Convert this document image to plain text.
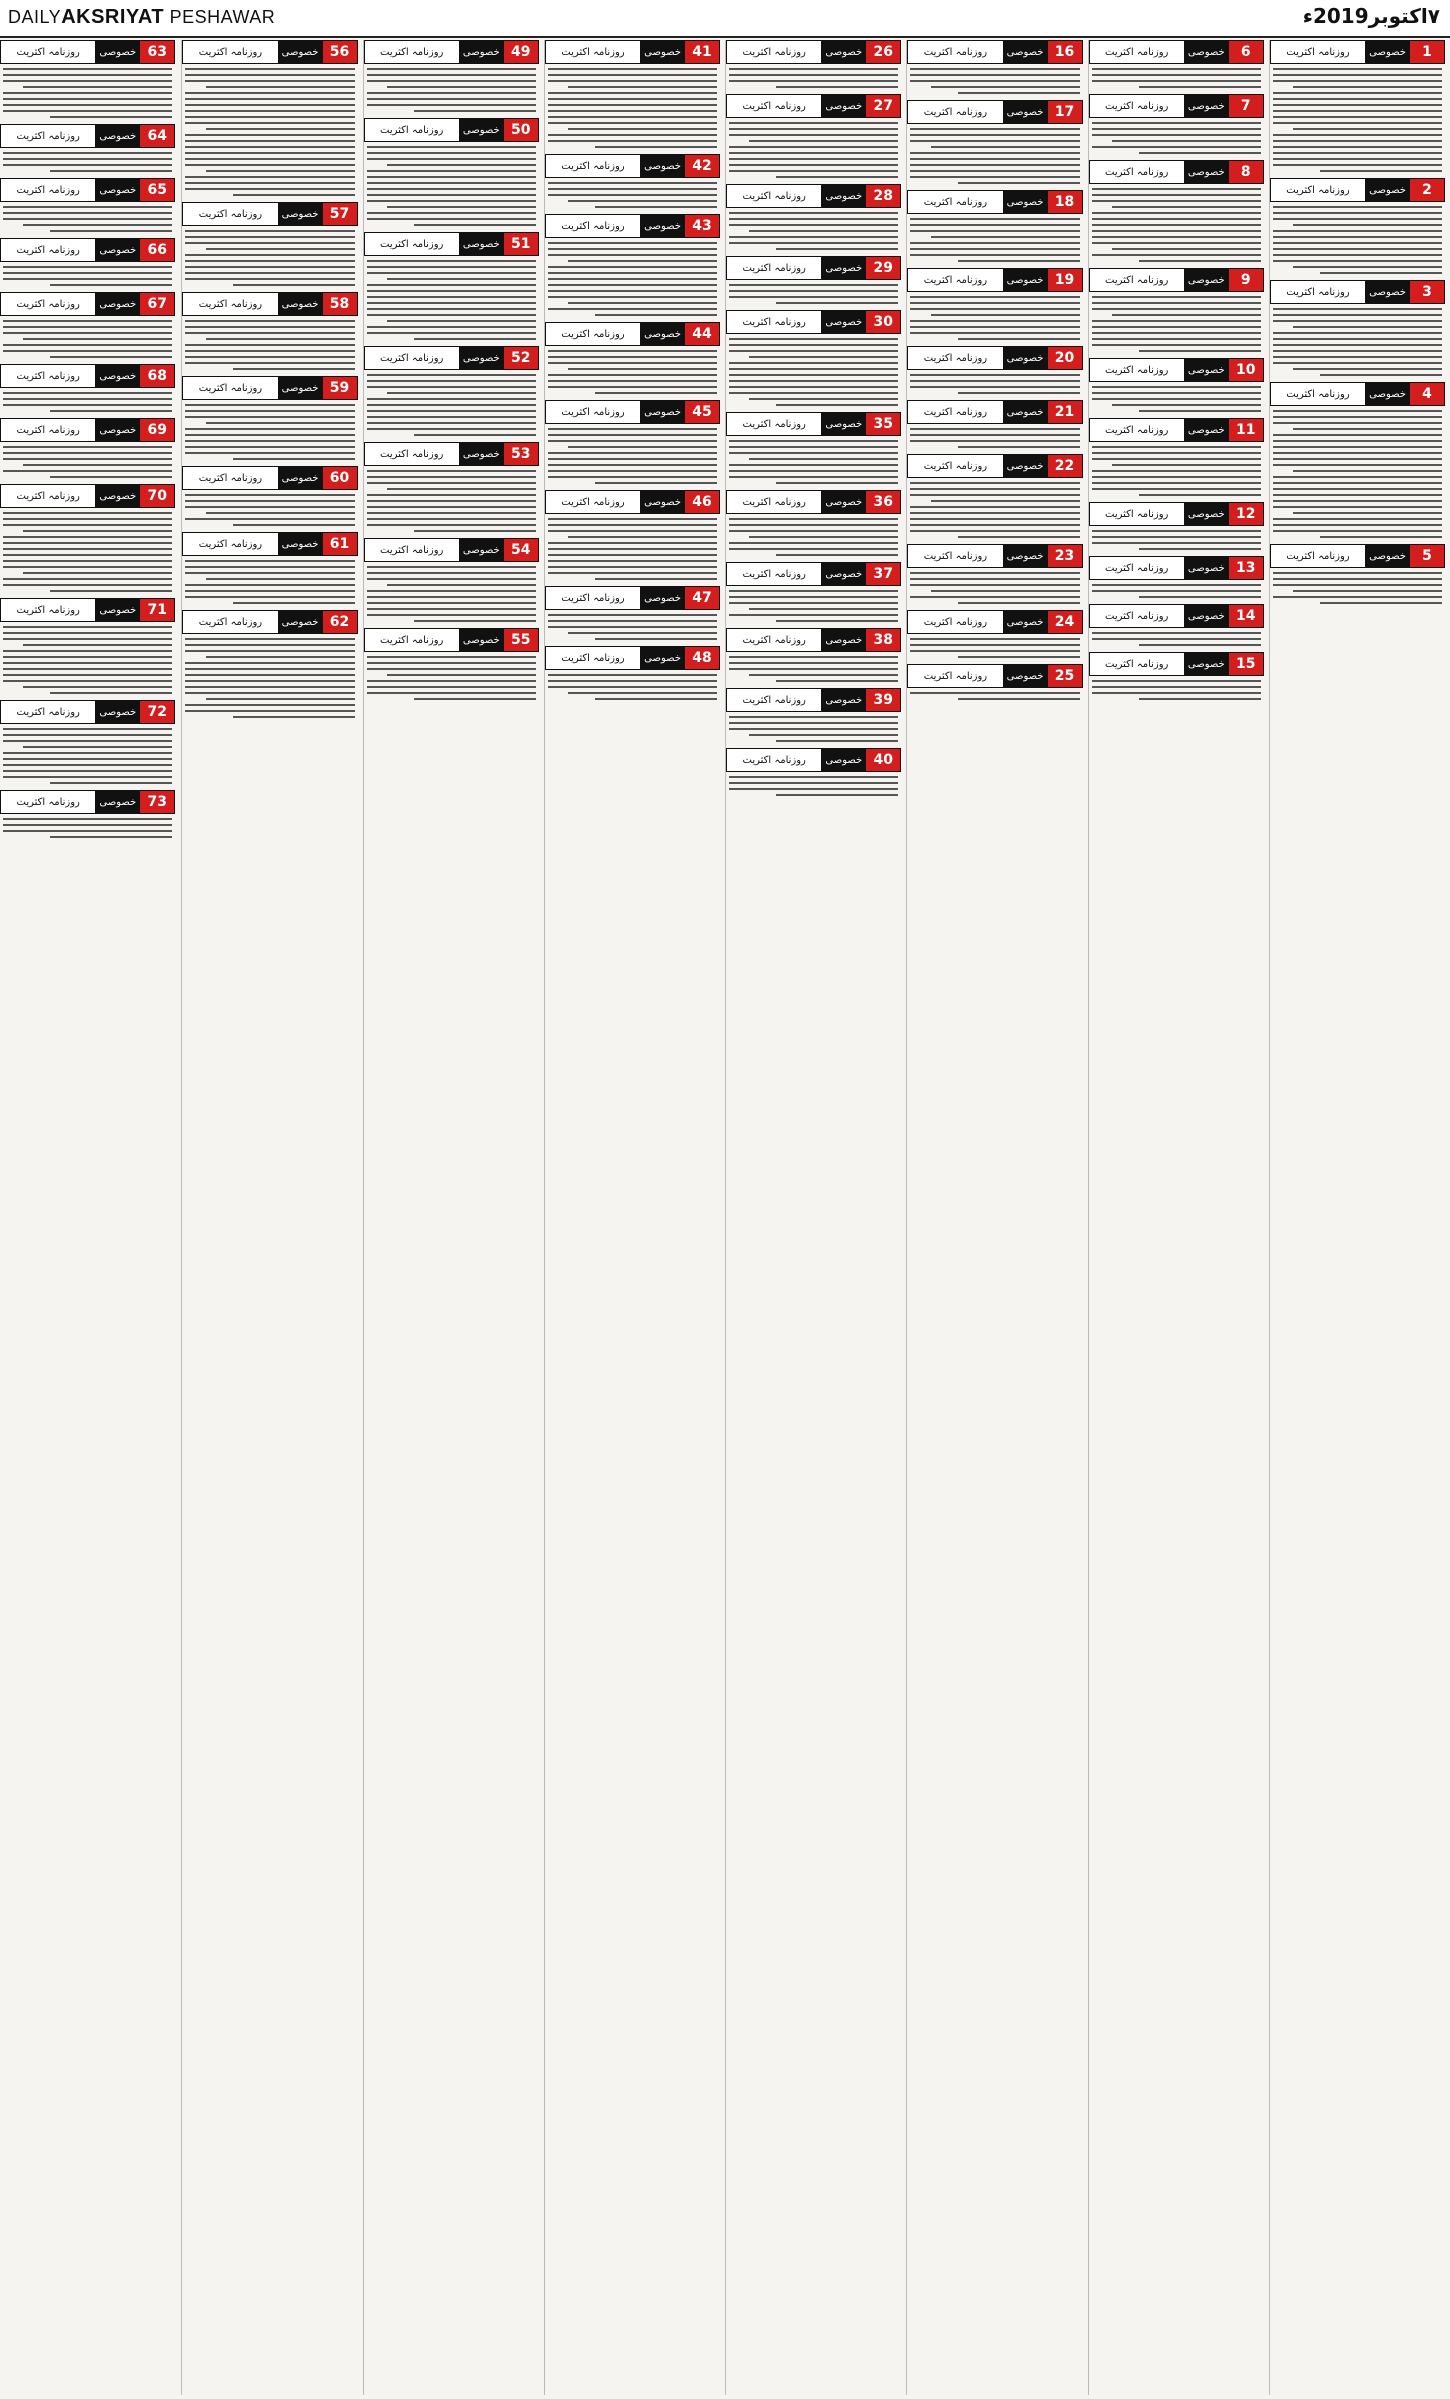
DAILYAKSRIYAT PESHAWAR	۷اکتوبر2019ء
1
خصوصی
روزنامہ اکثریت
2
خصوصی
روزنامہ اکثریت
3
خصوصی
روزنامہ اکثریت
4
خصوصی
روزنامہ اکثریت
5
خصوصی
روزنامہ اکثریت
6
خصوصی
روزنامہ اکثریت
7
خصوصی
روزنامہ اکثریت
8
خصوصی
روزنامہ اکثریت
9
خصوصی
روزنامہ اکثریت
10
خصوصی
روزنامہ اکثریت
11
خصوصی
روزنامہ اکثریت
12
خصوصی
روزنامہ اکثریت
13
خصوصی
روزنامہ اکثریت
14
خصوصی
روزنامہ اکثریت
15
خصوصی
روزنامہ اکثریت
16
خصوصی
روزنامہ اکثریت
17
خصوصی
روزنامہ اکثریت
18
خصوصی
روزنامہ اکثریت
19
خصوصی
روزنامہ اکثریت
20
خصوصی
روزنامہ اکثریت
21
خصوصی
روزنامہ اکثریت
22
خصوصی
روزنامہ اکثریت
23
خصوصی
روزنامہ اکثریت
24
خصوصی
روزنامہ اکثریت
25
خصوصی
روزنامہ اکثریت
26
خصوصی
روزنامہ اکثریت
27
خصوصی
روزنامہ اکثریت
28
خصوصی
روزنامہ اکثریت
29
خصوصی
روزنامہ اکثریت
30
خصوصی
روزنامہ اکثریت
35
خصوصی
روزنامہ اکثریت
36
خصوصی
روزنامہ اکثریت
37
خصوصی
روزنامہ اکثریت
38
خصوصی
روزنامہ اکثریت
39
خصوصی
روزنامہ اکثریت
40
خصوصی
روزنامہ اکثریت
41
خصوصی
روزنامہ اکثریت
42
خصوصی
روزنامہ اکثریت
43
خصوصی
روزنامہ اکثریت
44
خصوصی
روزنامہ اکثریت
45
خصوصی
روزنامہ اکثریت
46
خصوصی
روزنامہ اکثریت
47
خصوصی
روزنامہ اکثریت
48
خصوصی
روزنامہ اکثریت
49
خصوصی
روزنامہ اکثریت
50
خصوصی
روزنامہ اکثریت
51
خصوصی
روزنامہ اکثریت
52
خصوصی
روزنامہ اکثریت
53
خصوصی
روزنامہ اکثریت
54
خصوصی
روزنامہ اکثریت
55
خصوصی
روزنامہ اکثریت
56
خصوصی
روزنامہ اکثریت
57
خصوصی
روزنامہ اکثریت
58
خصوصی
روزنامہ اکثریت
59
خصوصی
روزنامہ اکثریت
60
خصوصی
روزنامہ اکثریت
61
خصوصی
روزنامہ اکثریت
62
خصوصی
روزنامہ اکثریت
63
خصوصی
روزنامہ اکثریت
64
خصوصی
روزنامہ اکثریت
65
خصوصی
روزنامہ اکثریت
66
خصوصی
روزنامہ اکثریت
67
خصوصی
روزنامہ اکثریت
68
خصوصی
روزنامہ اکثریت
69
خصوصی
روزنامہ اکثریت
70
خصوصی
روزنامہ اکثریت
71
خصوصی
روزنامہ اکثریت
72
خصوصی
روزنامہ اکثریت
73
خصوصی
روزنامہ اکثریت
